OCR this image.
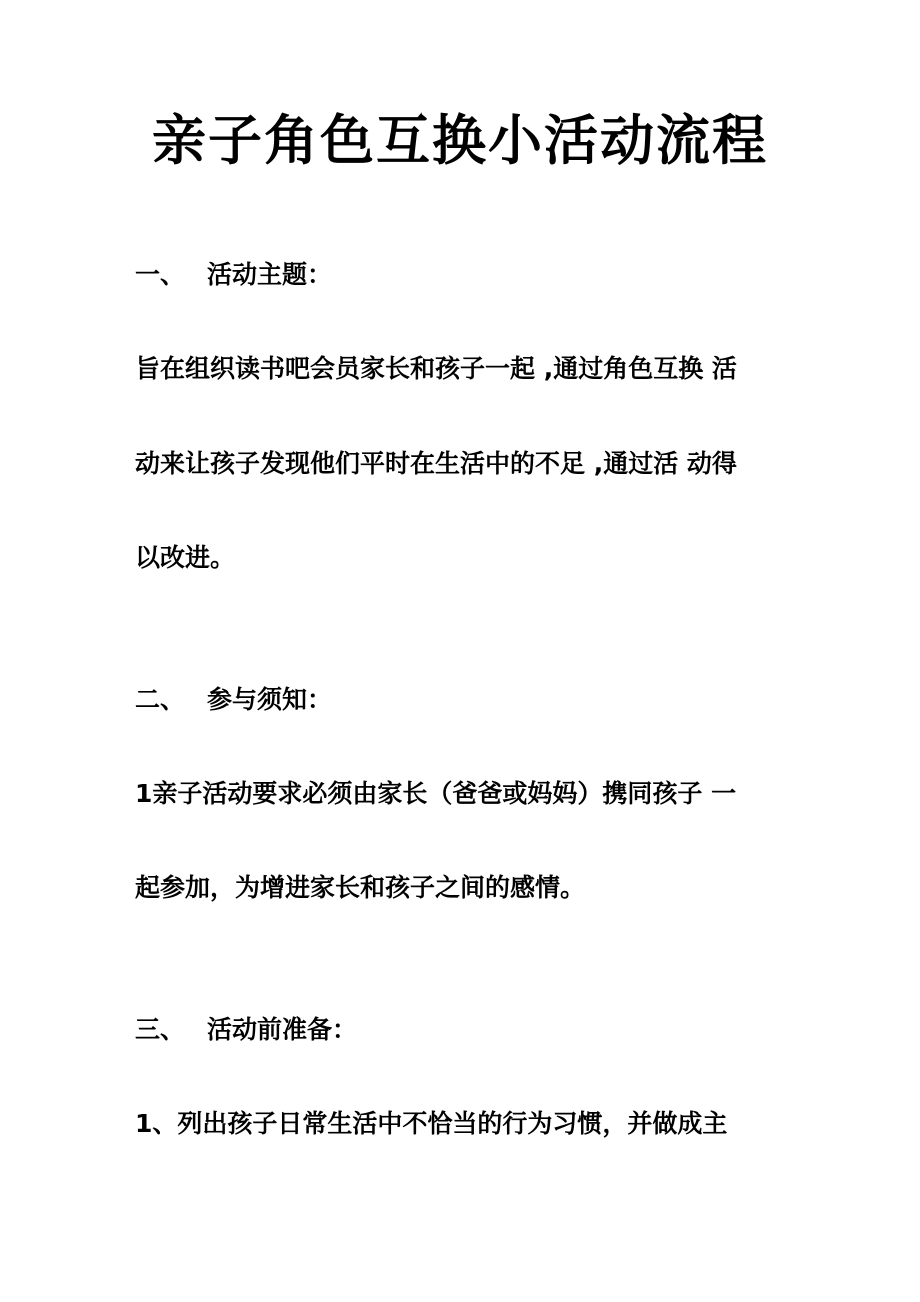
亲子角色互换小活动流程
一、 活动主题：
旨在组织读书吧会员家长和孩子一起 ,通过角色互换 活
动来让孩子发现他们平时在生活中的不足 ,通过活 动得
以改进。
二、 参与须知：
1亲子活动要求必须由家长（爸爸或妈妈）携同孩子 一
起参加，为增进家长和孩子之间的感情。
三、 活动前准备：
1、列出孩子日常生活中不恰当的行为习惯，并做成主
